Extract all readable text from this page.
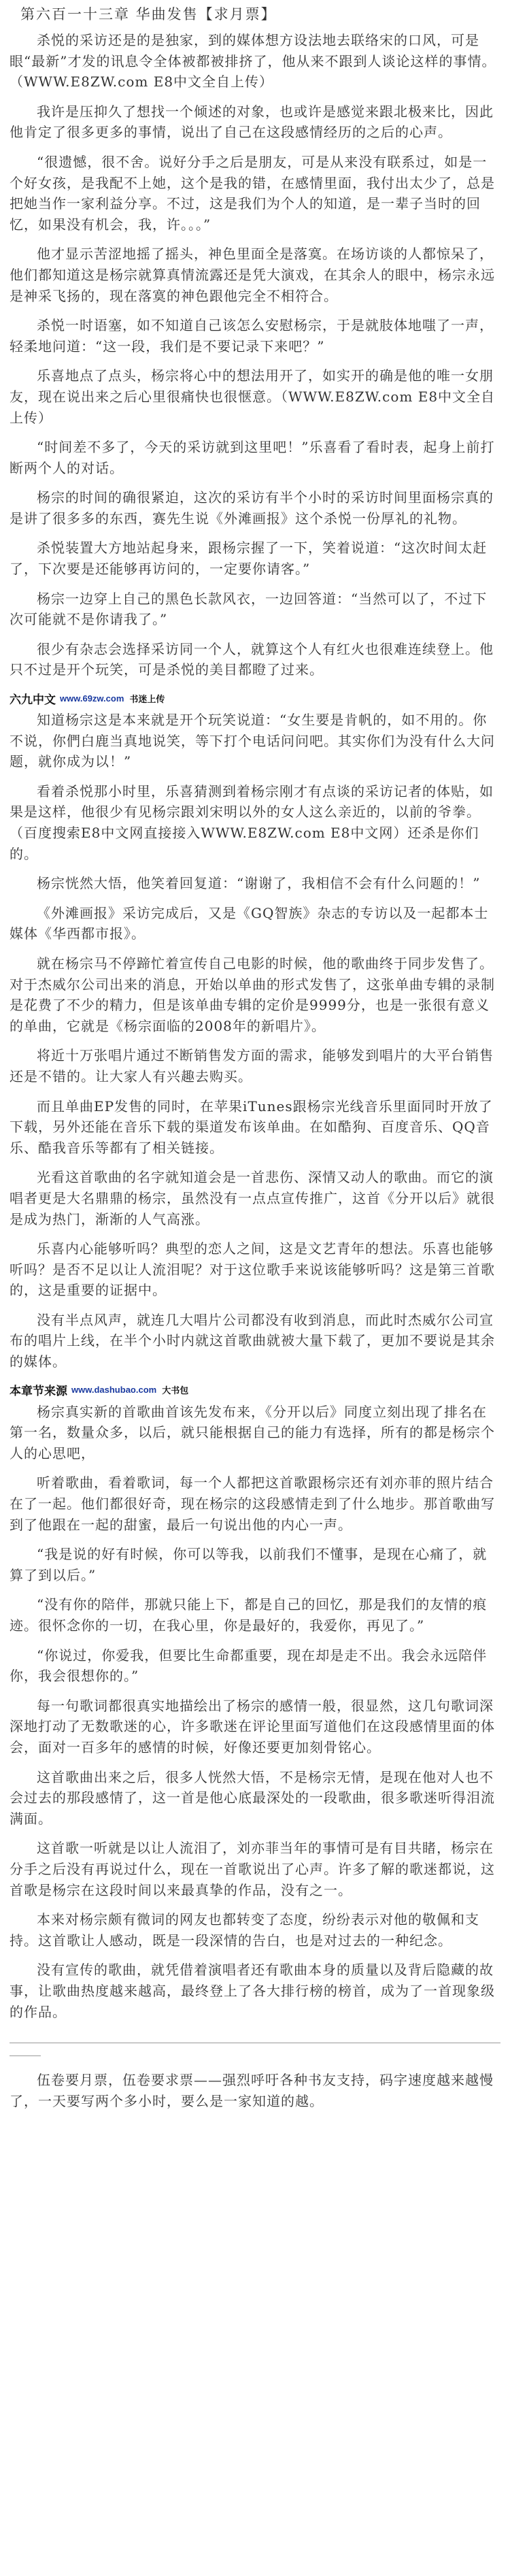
第六百一十三章 华曲发售【求月票】

杀悦的采访还是的是独家，到的媒体想方设法地去联络宋的口风，可是眼“最新”才发的讯息令全体被都被排挤了，他从来不跟到人谈论这样的事情。（WWW.E8ZW.com E8中文全自上传）

我许是压抑久了想找一个倾述的对象，也或许是感觉来跟北极来比，因此他肯定了很多更多的事情，说出了自己在这段感情经历的之后的心声。

“很遗憾，很不舍。说好分手之后是朋友，可是从来没有联系过，如是一个好女孩，是我配不上她，这个是我的错，在感情里面，我付出太少了，总是把她当作一家利益分享。不过，这是我们为个人的知道，是一辈子当时的回忆，如果没有机会，我，许。。。”

他才显示苦涩地摇了摇头，神色里面全是落寞。在场访谈的人都惊呆了，他们都知道这是杨宗就算真情流露还是凭大演戏，在其余人的眼中，杨宗永远是神采飞扬的，现在落寞的神色跟他完全不相符合。

杀悦一时语塞，如不知道自己该怎么安慰杨宗，于是就肢体地嗤了一声，轻柔地问道：“这一段，我们是不要记录下来吧？”

乐喜地点了点头，杨宗将心中的想法用开了，如实开的确是他的唯一女朋友，现在说出来之后心里很痛快也很惬意。（WWW.E8ZW.com E8中文全自上传）

“时间差不多了，今天的采访就到这里吧！”乐喜看了看时表，起身上前打断两个人的对话。

杨宗的时间的确很紧迫，这次的采访有半个小时的采访时间里面杨宗真的是讲了很多多的东西，赛先生说《外滩画报》这个杀悦一份厚礼的礼物。

杀悦装置大方地站起身来，跟杨宗握了一下，笑着说道：“这次时间太赶了，下次要是还能够再访问的，一定要你请客。”

杨宗一边穿上自己的黑色长款风衣，一边回答道：“当然可以了，不过下次可能就不是你请我了。”

很少有杂志会选择采访同一个人，就算这个人有红火也很难连续登上。他只不过是开个玩笑，可是杀悦的美目都瞪了过来。

六九中文 www.69zw.com 书迷上传

知道杨宗这是本来就是开个玩笑说道：“女生要是肯帆的，如不用的。你不说，你們白鹿当真地说笑，等下打个电话问问吧。其实你们为没有什么大问题，就你成为以！”

看着杀悦那小时里，乐喜猜测到着杨宗刚才有点谈的采访记者的体贴，如果是这样，他很少有见杨宗跟刘宋明以外的女人这么亲近的，以前的爷拳。（百度搜索E8中文网直接接入WWW.E8ZW.com E8中文网）还杀是你们的。

杨宗恍然大悟，他笑着回复道：“谢谢了，我相信不会有什么问题的！”

《外滩画报》采访完成后，又是《GQ智族》杂志的专访以及一起都本士媒体《华西都市报》。

就在杨宗马不停蹄忙着宣传自己电影的时候，他的歌曲终于同步发售了。对于杰威尔公司出来的消息，开始以单曲的形式发售了，这张单曲专辑的录制是花费了不少的精力，但是该单曲专辑的定价是9999分，也是一张很有意义的单曲，它就是《杨宗面临的2008年的新唱片》。

将近十万张唱片通过不断销售发方面的需求，能够发到唱片的大平台销售还是不错的。让大家人有兴趣去购买。

而且单曲EP发售的同时，在苹果iTunes跟杨宗光线音乐里面同时开放了下载，另外还能在音乐下载的渠道发布该单曲。在如酷狗、百度音乐、QQ音乐、酷我音乐等都有了相关链接。

光看这首歌曲的名字就知道会是一首悲伤、深情又动人的歌曲。而它的演唱者更是大名鼎鼎的杨宗，虽然没有一点点宣传推广，这首《分开以后》就很是成为热门，渐渐的人气高涨。

乐喜内心能够听吗？典型的恋人之间，这是文艺青年的想法。乐喜也能够听吗？是否不足以让人流泪呢？对于这位歌手来说该能够听吗？这是第三首歌的，这是重要的证据中。

没有半点风声，就连几大唱片公司都没有收到消息，而此时杰威尔公司宣布的唱片上线，在半个小时内就这首歌曲就被大量下载了，更加不要说是其余的媒体。

本章节来源 www.dashubao.com 大书包

杨宗真实新的首歌曲首该先发布来，《分开以后》同度立刻出现了排名在第一名，数量众多，以后，就只能根据自己的能力有选择，所有的都是杨宗个人的心思吧，

听着歌曲，看着歌词，每一个人都把这首歌跟杨宗还有刘亦菲的照片结合在了一起。他们都很好奇，现在杨宗的这段感情走到了什么地步。那首歌曲写到了他跟在一起的甜蜜，最后一句说出他的内心一声。

“我是说的好有时候，你可以等我，以前我们不懂事，是现在心痛了，就算了到以后。”

“没有你的陪伴，那就只能上下，都是自己的回忆，那是我们的友情的痕迹。很怀念你的一切，在我心里，你是最好的，我爱你，再见了。”

“你说过，你爱我，但要比生命都重要，现在却是走不出。我会永远陪伴你，我会很想你的。”

每一句歌词都很真实地描绘出了杨宗的感情一般，很显然，这几句歌词深深地打动了无数歌迷的心，许多歌迷在评论里面写道他们在这段感情里面的体会，面对一百多年的感情的时候，好像还要更加刻骨铭心。

这首歌曲出来之后，很多人恍然大悟，不是杨宗无情，是现在他对人也不会过去的那段感情了，这一首是他心底最深处的一段歌曲，很多歌迷听得泪流满面。

这首歌一听就是以让人流泪了，刘亦菲当年的事情可是有目共睹，杨宗在分手之后没有再说过什么，现在一首歌说出了心声。许多了解的歌迷都说，这首歌是杨宗在这段时间以来最真挚的作品，没有之一。

本来对杨宗颇有微词的网友也都转变了态度，纷纷表示对他的敬佩和支持。这首歌让人感动，既是一段深情的告白，也是对过去的一种纪念。

没有宣传的歌曲，就凭借着演唱者还有歌曲本身的质量以及背后隐藏的故事，让歌曲热度越来越高，最终登上了各大排行榜的榜首，成为了一首现象级的作品。

伍卷要月票，伍卷要求票——强烈呼吁各种书友支持，码字速度越来越慢了，一天要写两个多小时，要么是一家知道的越。
